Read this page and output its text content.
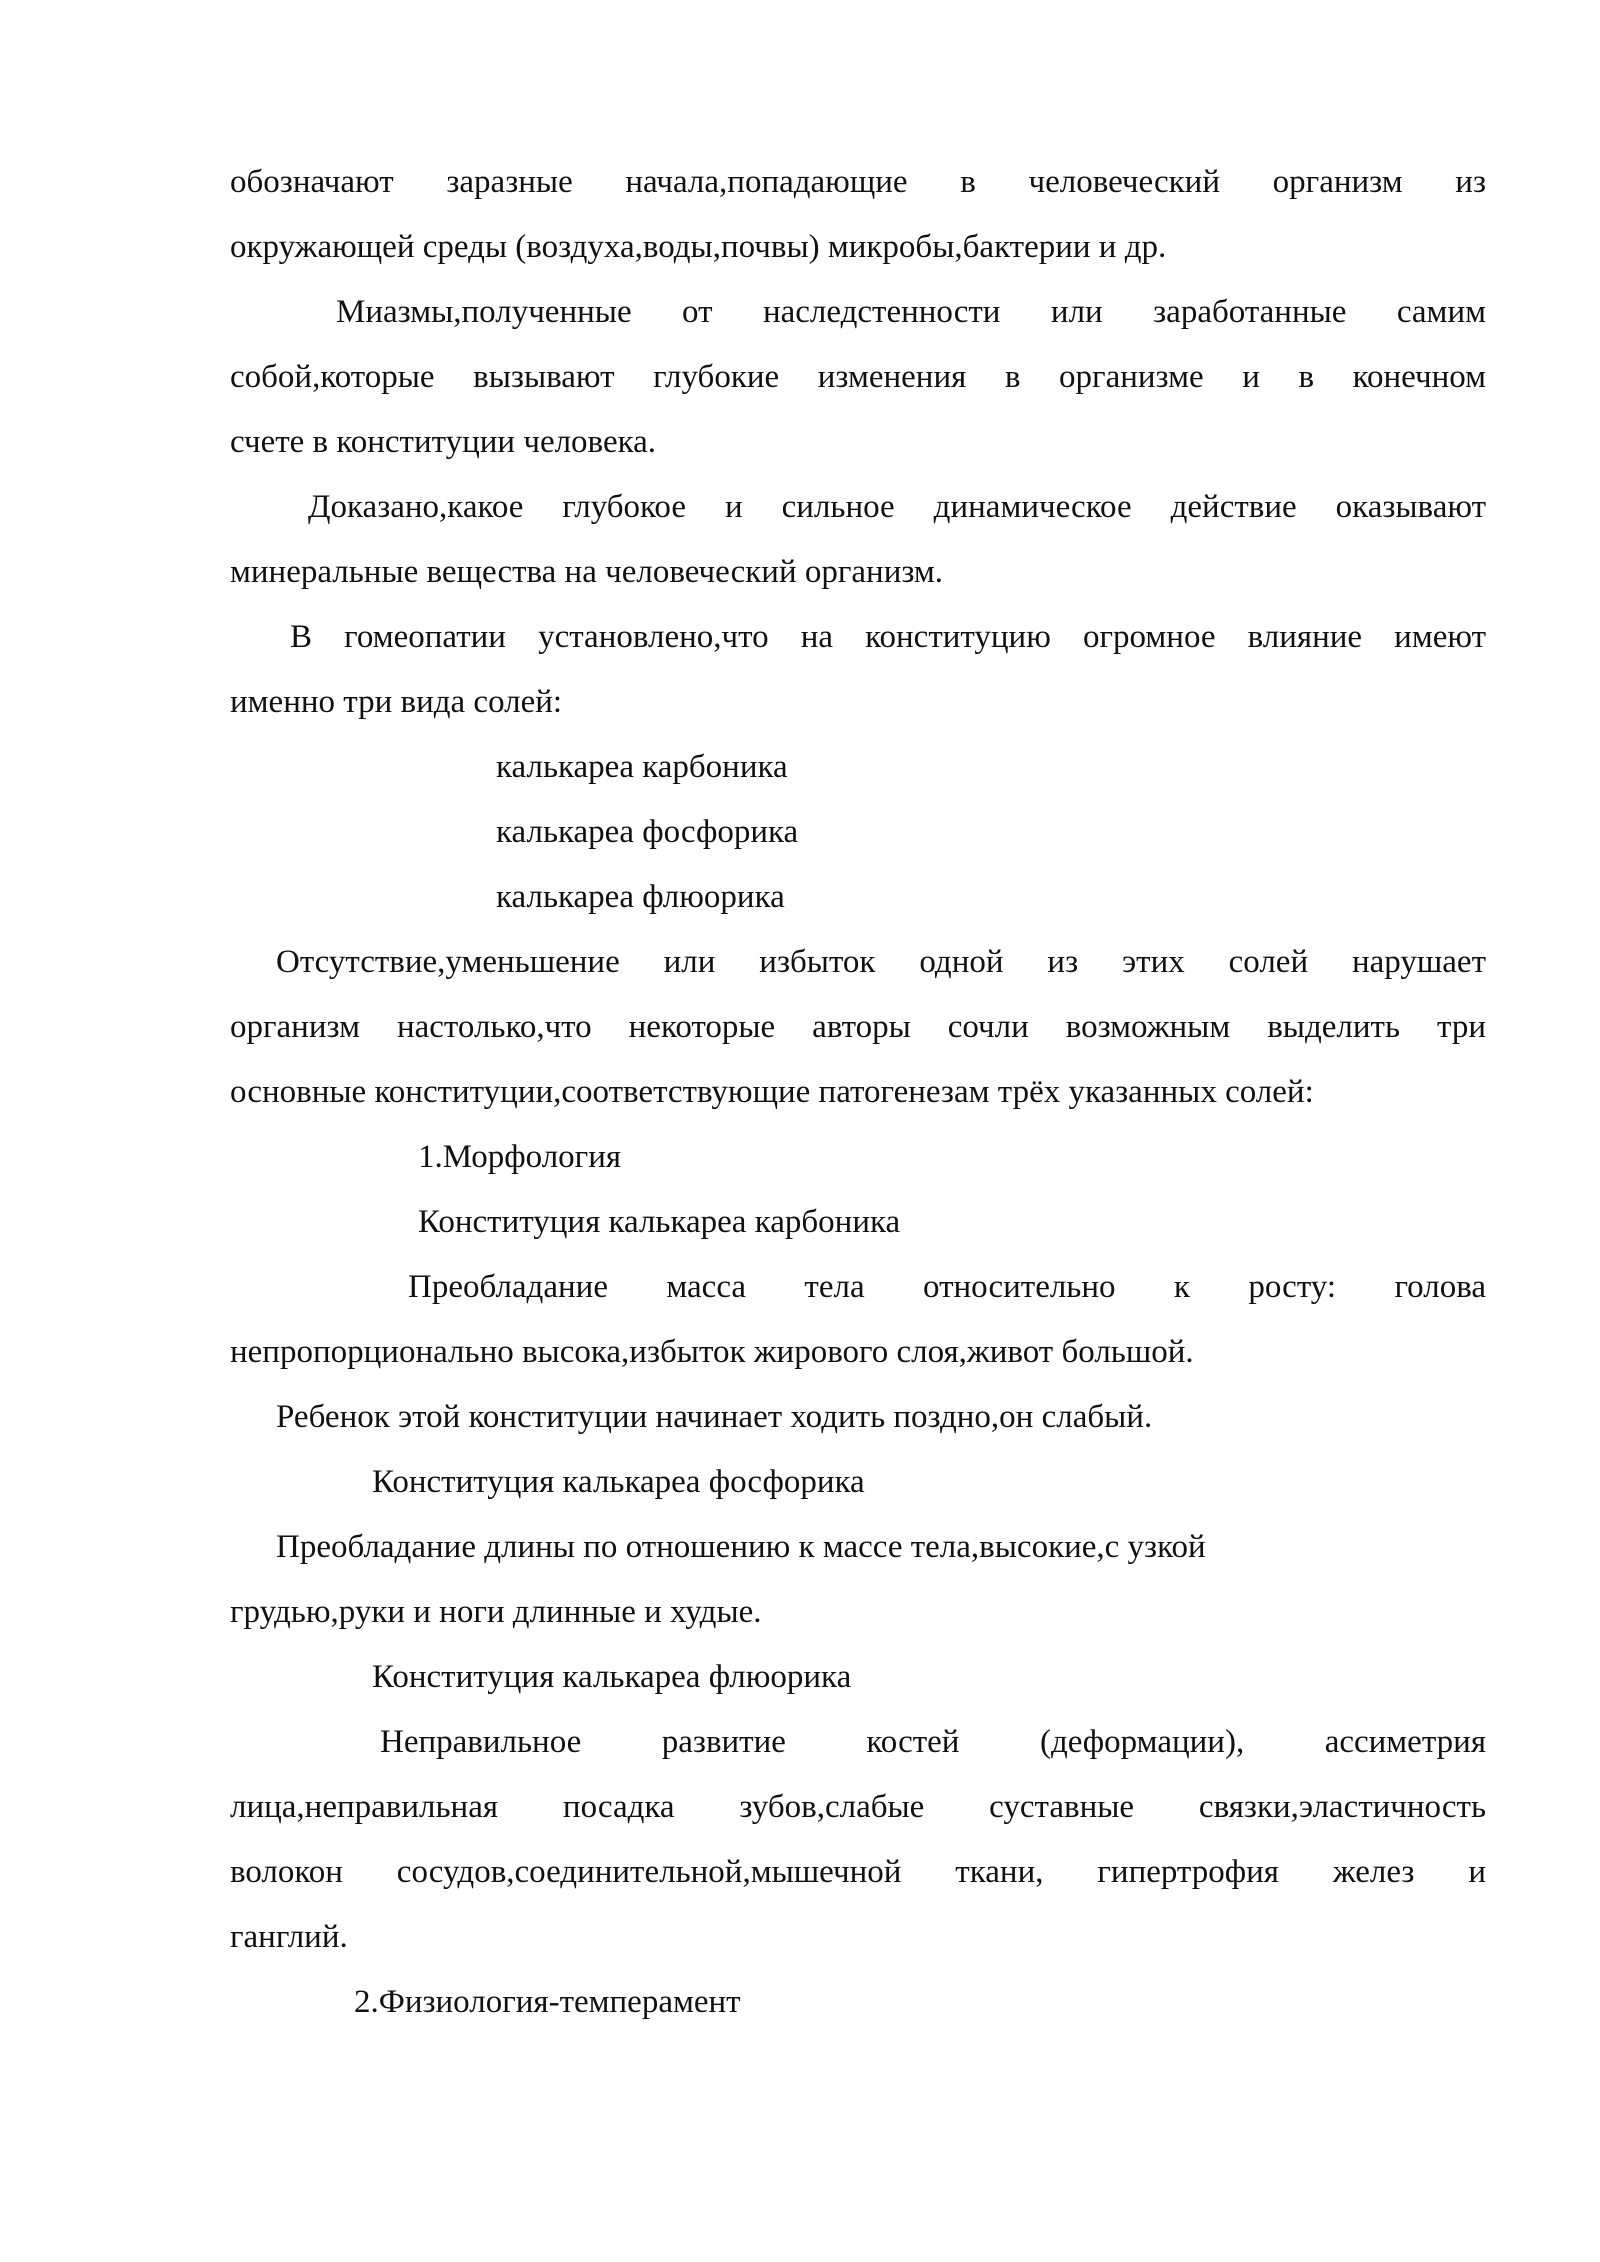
обозначают заразные начала,попадающие в человеческий организм из

окружающей среды (воздуха,воды,почвы) микробы,бактерии и др.

Миазмы,полученные от наследстенности или заработанные самим

собой,которые вызывают глубокие изменения в организме и в конечном

счете в конституции человека.

Доказано,какое глубокое и сильное динамическое действие оказывают

минеральные вещества на человеческий организм.

В гомеопатии установлено,что на конституцию огромное влияние имеют

именно три вида солей:

калькарea карбоника

калькарea фосфорика

калькарea флюорика

Отсутствие,уменьшение или избыток одной из этих солей нарушает

организм настолько,что некоторые авторы сочли возможным выделить три

основные конституции,соответствующие патогенезам трёх указанных солей:

1.Морфология

Конституция калькарea карбоника

Преобладание масса тела относительно к росту: голова

непропорционально высока,избыток жирового слоя,живот большой.

Ребенок этой конституции начинает ходить поздно,он слабый.

Конституция калькарea фосфорика

Преобладание длины по отношению к массе тела,высокие,с узкой

грудью,руки и ноги длинные и худые.

Конституция калькарea флюорика

Неправильное развитие костей (деформации), ассиметрия

лица,неправильная посадка зубов,слабые суставные связки,эластичность

волокон сосудов,соединительной,мышечной ткани, гипертрофия желез и

ганглий.

2.Физиология-темперамент
